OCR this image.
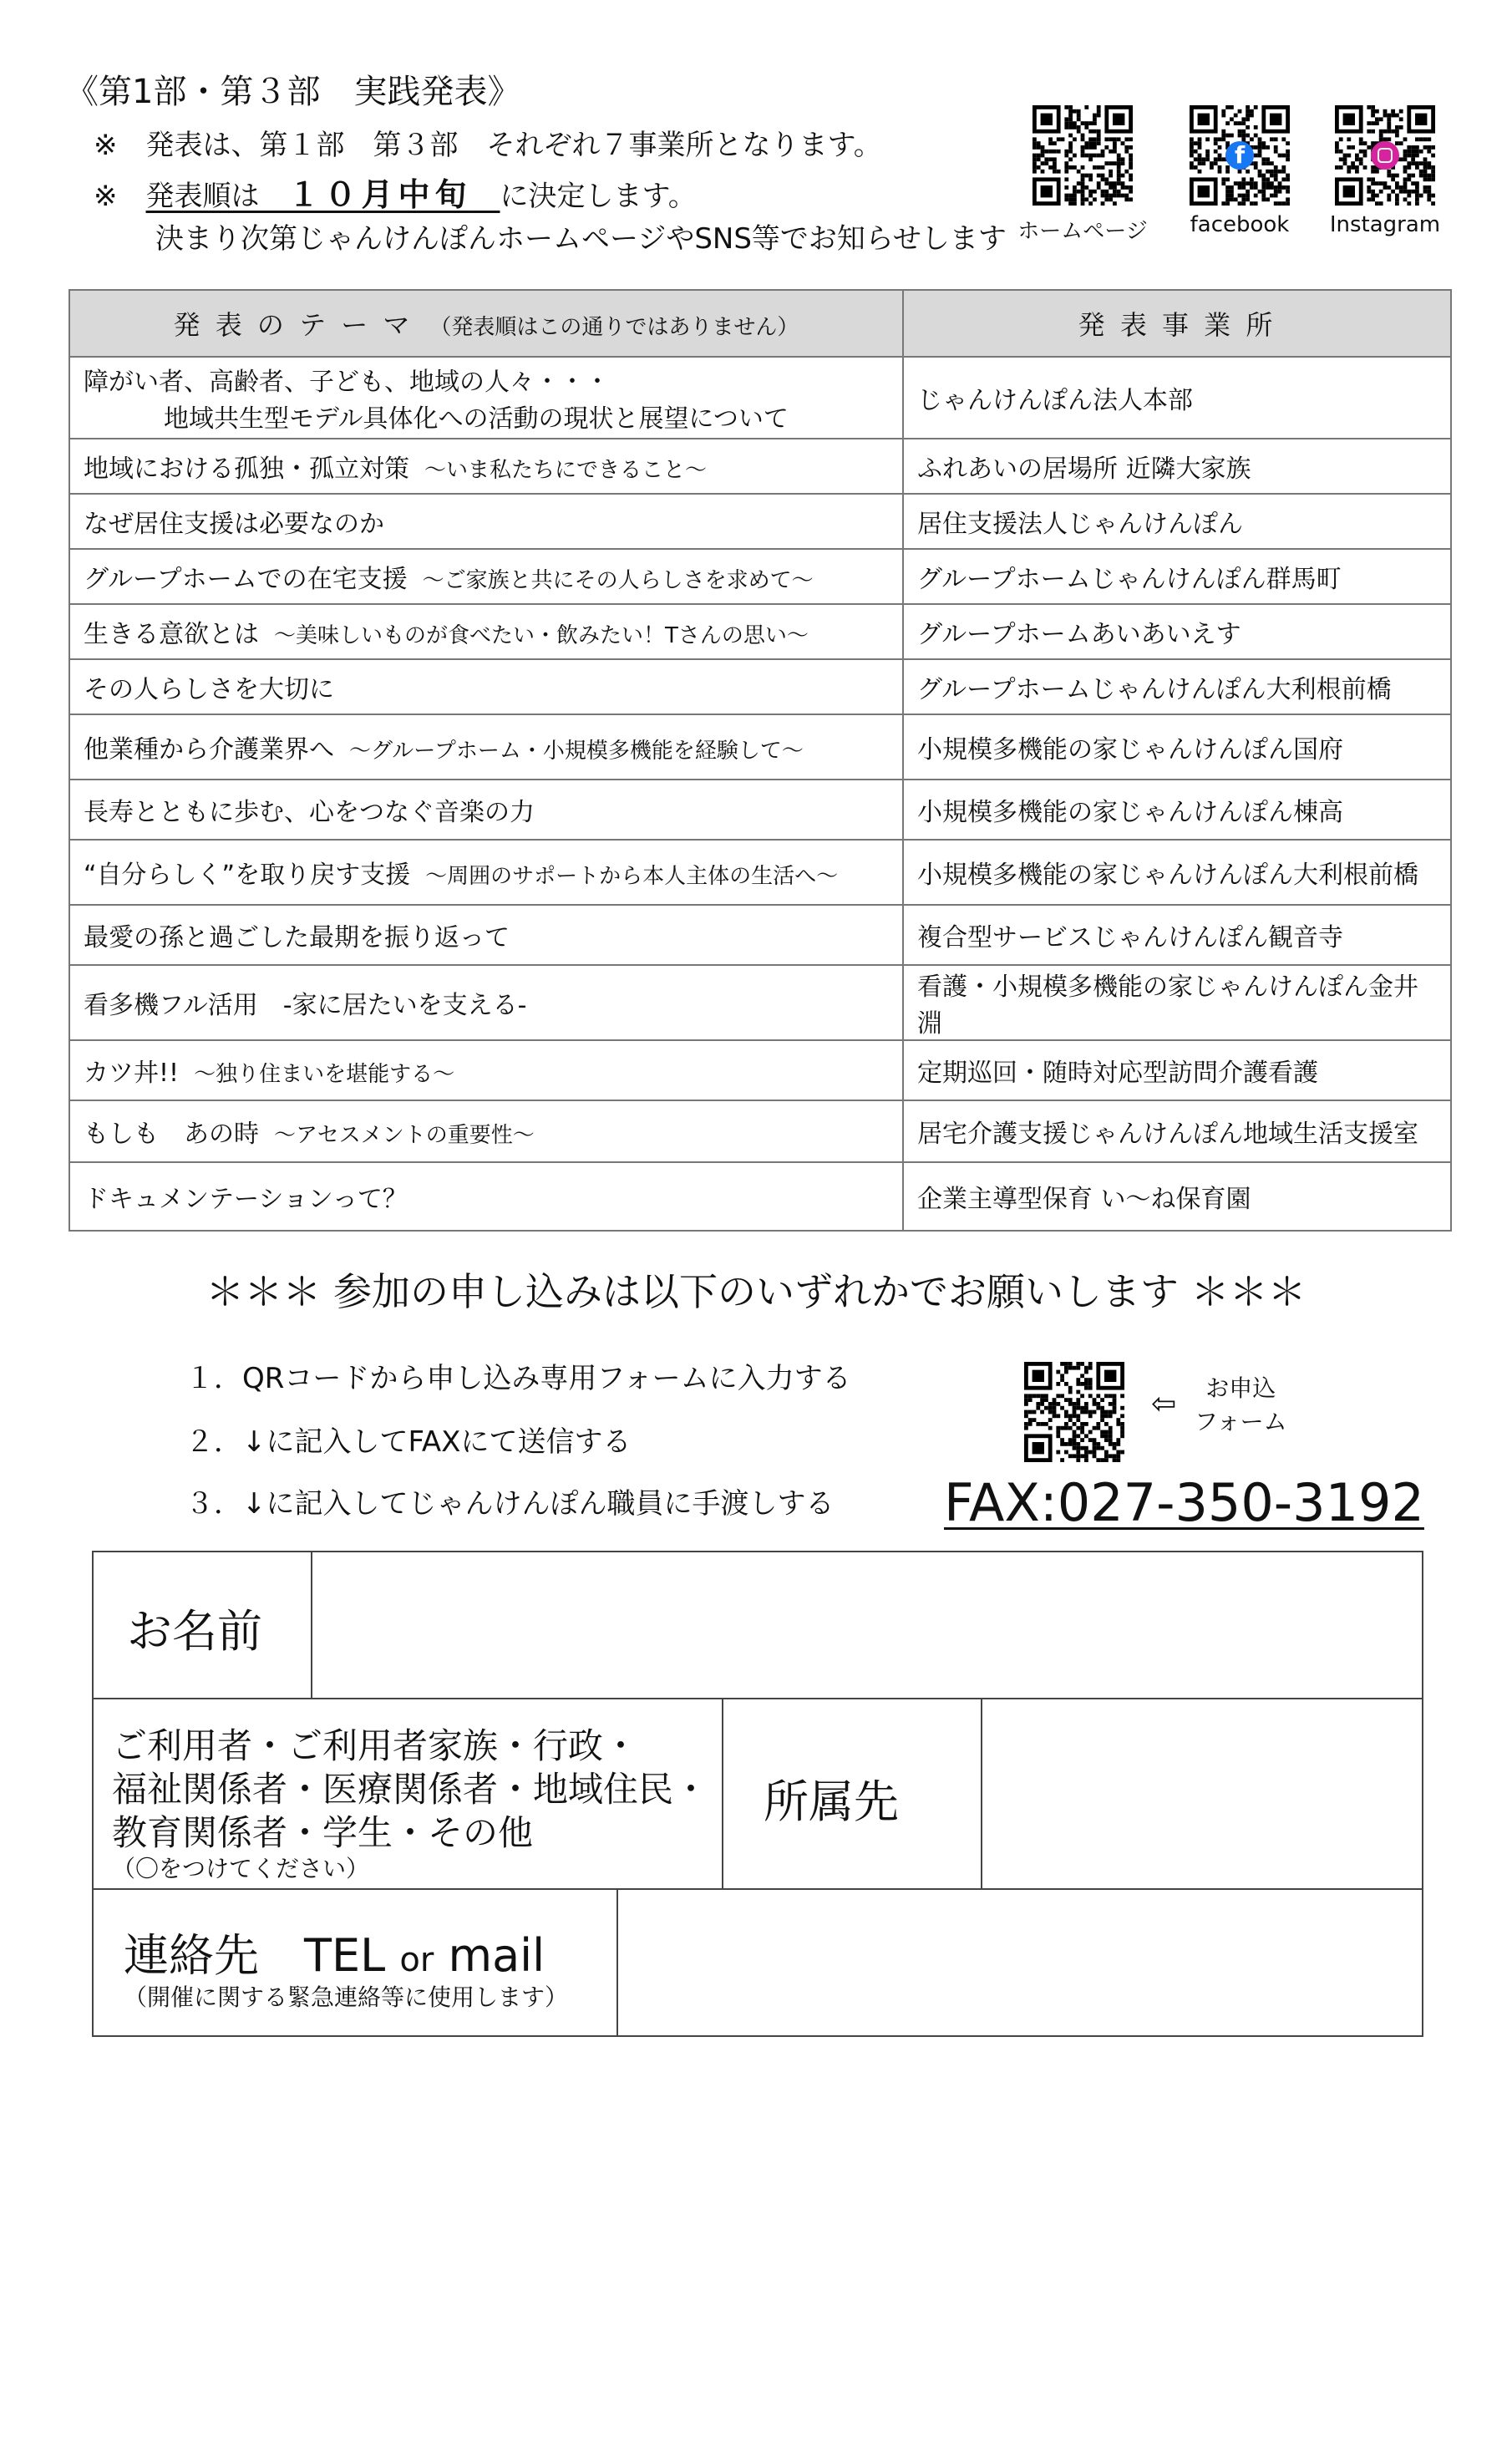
《第1部・第３部　実践発表》
※　発表は、第１部　第３部　それぞれ７事業所となります。
※　発表順は　 １０月中旬　 に決定します。
決まり次第じゃんけんぽんホームページやSNS等でお知らせします ホームページ
f	facebook	Instagram
発 表 の テ ー マ （発表順はこの通りではありません）	発 表 事 業 所
障がい者、高齢者、子ども、地域の人々・・・
地域共生型モデル具体化への活動の現状と展望について	じゃんけんぽん法人本部
地域における孤独・孤立対策 ～いま私たちにできること～	ふれあいの居場所 近隣大家族
なぜ居住支援は必要なのか	居住支援法人じゃんけんぽん
グループホームでの在宅支援 ～ご家族と共にその人らしさを求めて～	グループホームじゃんけんぽん群馬町
生きる意欲とは ～美味しいものが食べたい・飲みたい！Tさんの思い～	グループホームあいあいえす
その人らしさを大切に	グループホームじゃんけんぽん大利根前橋
他業種から介護業界へ ～グループホーム・小規模多機能を経験して～	小規模多機能の家じゃんけんぽん国府
長寿とともに歩む、心をつなぐ音楽の力	小規模多機能の家じゃんけんぽん棟高
“自分らしく”を取り戻す支援 ～周囲のサポートから本人主体の生活へ～	小規模多機能の家じゃんけんぽん大利根前橋
最愛の孫と過ごした最期を振り返って	複合型サービスじゃんけんぽん観音寺
看多機フル活用　-家に居たいを支える-	看護・小規模多機能の家じゃんけんぽん金井淵
カツ丼!! ～独り住まいを堪能する～	定期巡回・随時対応型訪問介護看護
もしも　あの時 ～アセスメントの重要性～	居宅介護支援じゃんけんぽん地域生活支援室
ドキュメンテーションって？	企業主導型保育 い～ね保育園
＊＊＊ 参加の申し込みは以下のいずれかでお願いします ＊＊＊
１．QRコードから申し込み専用フォームに入力する
２．↓に記入してFAXにて送信する
３．↓に記入してじゃんけんぽん職員に手渡しする
⇦	お申込
フォーム
FAX:027-350-3192
お名前
ご利用者・ご利用者家族・行政・
福祉関係者・医療関係者・地域住民・
教育関係者・学生・その他
（〇をつけてください）
所属先
連絡先　TEL or mail
（開催に関する緊急連絡等に使用します）
